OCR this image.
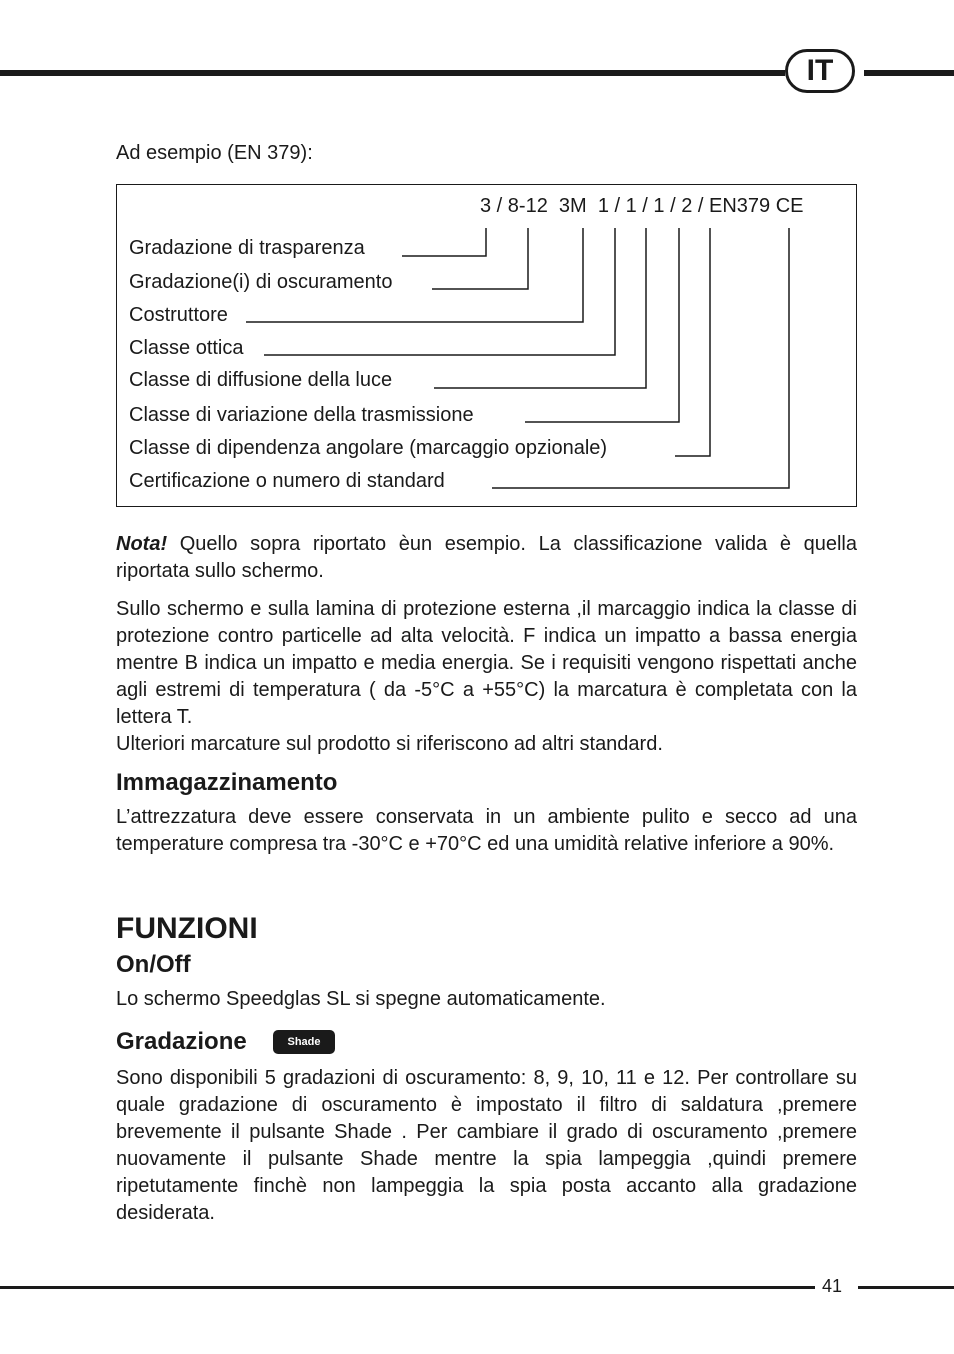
IT
Ad esempio (EN 379):
3 / 8-12  3M  1 / 1 / 1 / 2 / EN379 CE
Gradazione di trasparenza
Gradazione(i) di oscuramento
Costruttore
Classe ottica
Classe di diffusione della luce
Classe di variazione della trasmissione
Classe di dipendenza angolare (marcaggio opzionale)
Certificazione o numero di standard
Nota! Quello sopra riportato èun esempio. La classificazione valida è quella riportata sullo schermo.
Sullo schermo e sulla lamina di protezione esterna ,il marcaggio indica la classe di protezione contro particelle ad alta velocità. F indica un impatto a bassa energia mentre B indica un impatto e media energia. Se i requisiti vengono rispettati anche agli estremi di temperatura ( da -5°C a +55°C) la marcatura è completata con la lettera T.
Ulteriori marcature sul prodotto si riferiscono ad altri standard.
Immagazzinamento
L’attrezzatura deve essere conservata in un ambiente pulito e secco ad una temperature compresa tra -30°C e +70°C ed una umidità relative inferiore a 90%.
FUNZIONI
On/Off
Lo schermo Speedglas SL si spegne automaticamente.
Gradazione	Shade
Sono disponibili 5 gradazioni di oscuramento: 8, 9, 10, 11 e 12. Per controllare su quale gradazione di oscuramento è impostato il filtro di saldatura ,premere brevemente il pulsante Shade . Per cambiare il grado di oscuramento ,premere nuovamente il pulsante Shade mentre la spia lampeggia ,quindi premere ripetutamente finchè non lampeggia la spia posta accanto alla gradazione desiderata.
41
